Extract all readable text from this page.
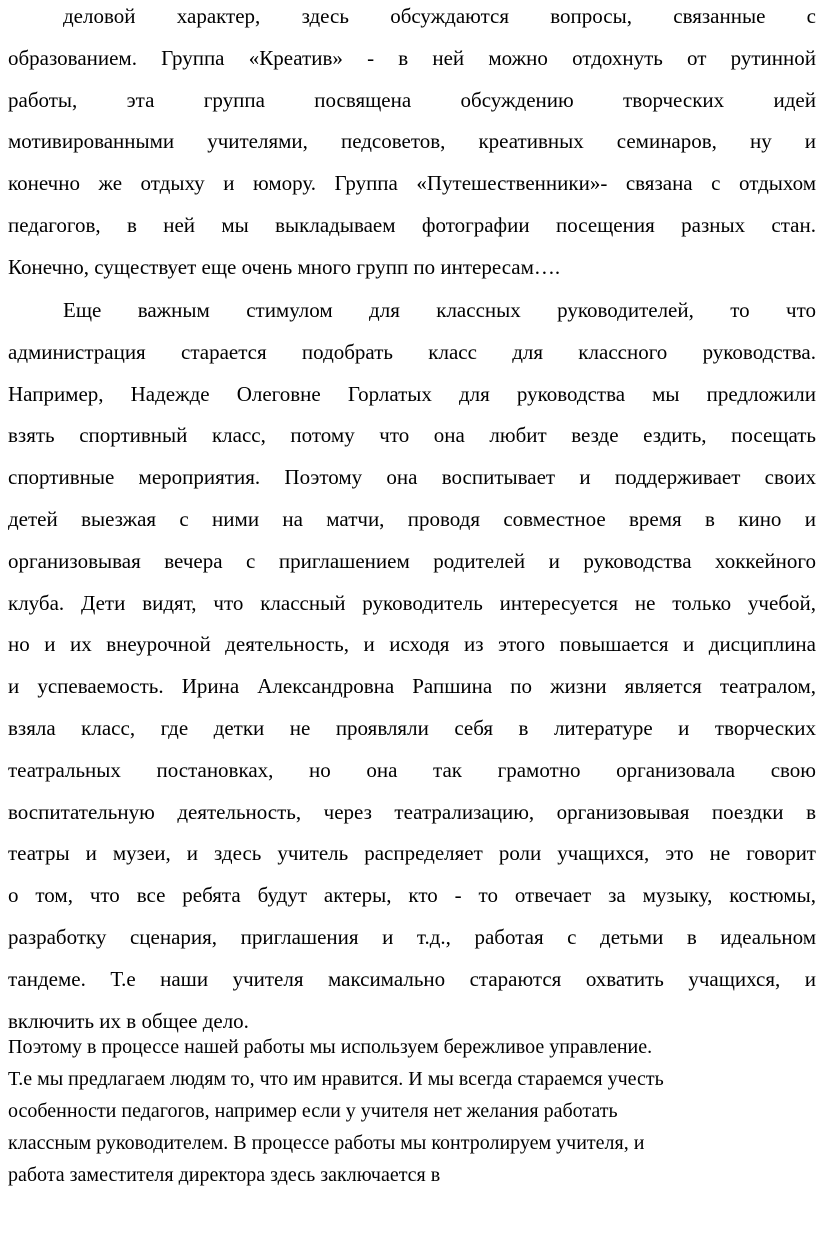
деловой характер, здесь обсуждаются вопросы, связанные с
образованием. Группа «Креатив» - в ней можно отдохнуть от рутинной
работы, эта группа посвящена обсуждению творческих идей
мотивированными учителями, педсоветов, креативных семинаров, ну и
конечно же отдыху и юмору. Группа «Путешественники»- связана с отдыхом
педагогов, в ней мы выкладываем фотографии посещения разных стан.
Конечно, существует еще очень много групп по интересам….
Еще важным стимулом для классных руководителей, то что
администрация старается подобрать класс для классного руководства.
Например, Надежде Олеговне Горлатых для руководства мы предложили
взять спортивный класс, потому что она любит везде ездить, посещать
спортивные мероприятия. Поэтому она воспитывает и поддерживает своих
детей выезжая с ними на матчи, проводя совместное время в кино и
организовывая вечера с приглашением родителей и руководства хоккейного
клуба. Дети видят, что классный руководитель интересуется не только учебой,
но и их внеурочной деятельность, и исходя из этого повышается и дисциплина
и успеваемость. Ирина Александровна Рапшина по жизни является театралом,
взяла класс, где детки не проявляли себя в литературе и творческих
театральных постановках, но она так грамотно организовала свою
воспитательную деятельность, через театрализацию, организовывая поездки в
театры и музеи, и здесь учитель распределяет роли учащихся, это не говорит
о том, что все ребята будут актеры, кто - то отвечает за музыку, костюмы,
разработку сценария, приглашения и т.д., работая с детьми в идеальном
тандеме. Т.е наши учителя максимально стараются охватить учащихся, и
включить их в общее дело.
Поэтому в процессе нашей работы мы используем бережливое управление.
Т.е мы предлагаем людям то, что им нравится. И мы всегда стараемся учесть
особенности педагогов, например если у учителя нет желания работать
классным руководителем. В процессе работы мы контролируем учителя, и
работа заместителя директора здесь заключается в
